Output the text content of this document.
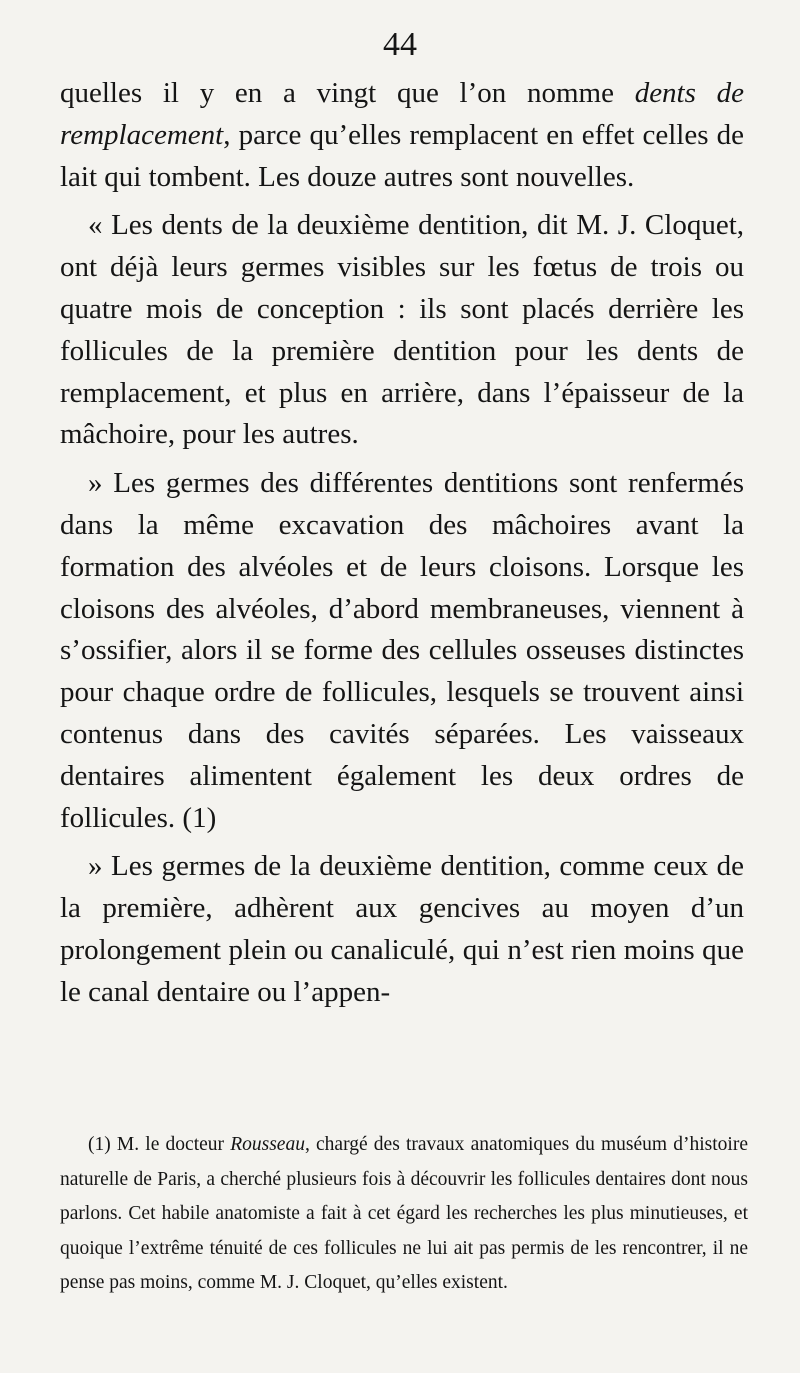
44

quelles il y en a vingt que l’on nomme dents de remplacement, parce qu’elles remplacent en effet celles de lait qui tombent. Les douze autres sont nouvelles.

« Les dents de la deuxième dentition, dit M. J. Cloquet, ont déjà leurs germes visibles sur les fœtus de trois ou quatre mois de conception : ils sont placés derrière les follicules de la première dentition pour les dents de remplacement, et plus en arrière, dans l’épaisseur de la mâchoire, pour les autres.

» Les germes des différentes dentitions sont renfermés dans la même excavation des mâchoires avant la formation des alvéoles et de leurs cloisons. Lorsque les cloisons des alvéoles, d’abord membraneuses, viennent à s’ossifier, alors il se forme des cellules osseuses distinctes pour chaque ordre de follicules, lesquels se trouvent ainsi contenus dans des cavités séparées. Les vaisseaux dentaires alimentent également les deux ordres de follicules. (1)

» Les germes de la deuxième dentition, comme ceux de la première, adhèrent aux gencives au moyen d’un prolongement plein ou canaliculé, qui n’est rien moins que le canal dentaire ou l’appen-

(1) M. le docteur Rousseau, chargé des travaux anatomiques du muséum d’histoire naturelle de Paris, a cherché plusieurs fois à découvrir les follicules dentaires dont nous parlons. Cet habile anatomiste a fait à cet égard les recherches les plus minutieuses, et quoique l’extrême ténuité de ces follicules ne lui ait pas permis de les rencontrer, il ne pense pas moins, comme M. J. Cloquet, qu’elles existent.
